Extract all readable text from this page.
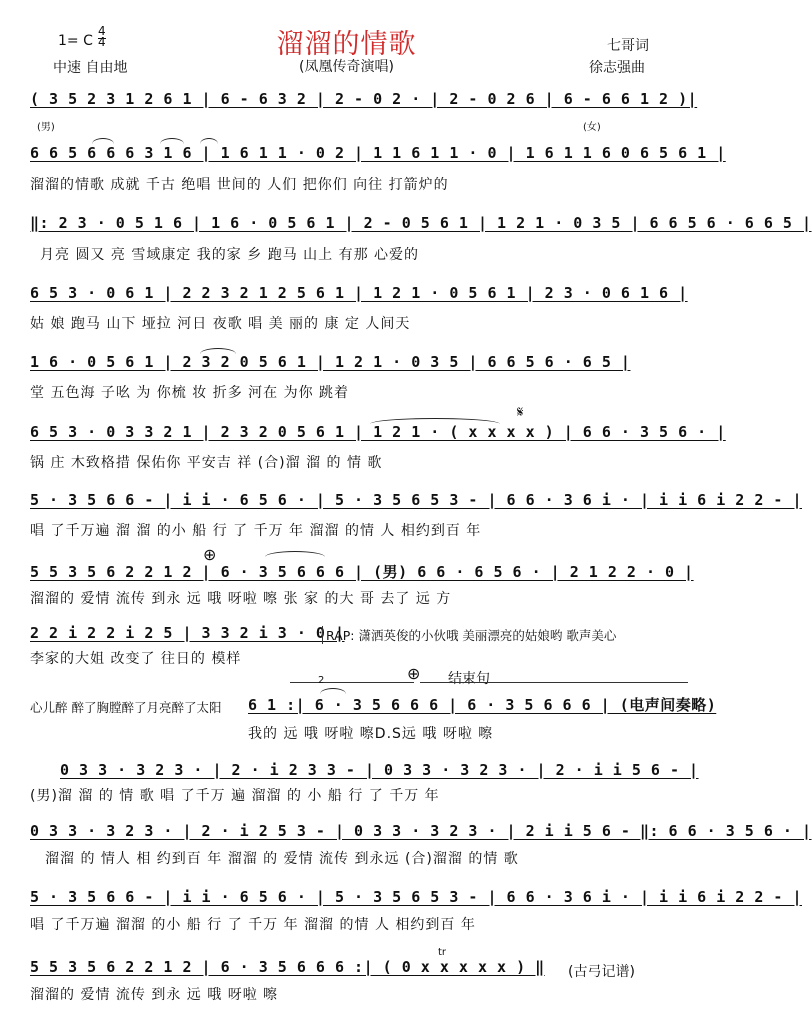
1= C
4
4	溜溜的情歌
(凤凰传奇演唱)
中速 自由地
七哥词
徐志强曲
( 3 5 2 3 1 2 6 1 | 6 - 6 3 2 | 2 - 0 2 · | 2 - 0 2 6 | 6 - 6 6 1 2 )|
(男)	(女)
6 6 5 6 6 6 3 1 6 | 1 6 1 1 · 0 2 | 1 1 6 1 1 · 0 | 1 6 1 1 6 0 6 5 6 1 |
溜溜的情歌 成就 千古 绝唱 世间的 人们 把你们 向往 打箭炉的
‖: 2 3 · 0 5 1 6 | 1 6 · 0 5 6 1 | 2 - 0 5 6 1 | 1 2 1 · 0 3 5 | 6 6 5 6 · 6 6 5 |
月亮 圆又 亮 雪域康定 我的家 乡 跑马 山上 有那 心爱的
6 5 3 · 0 6 1 | 2 2 3 2 1 2 5 6 1 | 1 2 1 · 0 5 6 1 | 2 3 · 0 6 1 6 |
姑 娘 跑马 山下 垭拉 河日 夜歌 唱 美 丽的 康 定 人间天
1 6 · 0 5 6 1 | 2 3 2 0 5 6 1 | 1 2 1 · 0 3 5 | 6 6 5 6 · 6 5 |
堂 五色海 子吆 为 你梳 妆 折多 河在 为你 跳着
𝄋
6 5 3 · 0 3 3 2 1 | 2 3 2 0 5 6 1 | 1 2 1 · ( x x x x ) | 6 6 · 3 5 6 · |
锅 庄 木致格措 保佑你 平安吉 祥 (合)溜 溜 的 情 歌
5 · 3 5 6 6 - | i i · 6 5 6 · | 5 · 3 5 6 5 3 - | 6 6 · 3 6 i · | i i 6 i 2 2 - |
唱 了千万遍 溜 溜 的小 船 行 了 千万 年 溜溜 的情 人 相约到百 年
⊕
5 5 3 5 6 2 2 1 2 | 6 · 3 5 6 6 6 | (男) 6 6 · 6 5 6 · | 2 1 2 2 · 0 |
溜溜的 爱情 流传 到永 远 哦 呀啦 嚓 张 家 的大 哥 去了 远 方
2 2 i 2 2 i 2 5 | 3 3 2 i 3 · 0 |
RAP: 潇洒英俊的小伙哦 美丽漂亮的姑娘哟 歌声美心
李家的大姐 改变了 往日的 模样
⊕ 结束句
2
心儿醉 醉了胸膛醉了月亮醉了太阳 6 1 :| 6 · 3 5 6 6 6 | 6 · 3 5 6 6 6 | (电声间奏略)
我的 远 哦 呀啦 嚓D.S远 哦 呀啦 嚓
0 3 3 · 3 2 3 · | 2 · i 2 3 3 - | 0 3 3 · 3 2 3 · | 2 · i i 5 6 - |
(男)溜 溜 的 情 歌 唱 了千万 遍 溜溜 的 小 船 行 了 千万 年
0 3 3 · 3 2 3 · | 2 · i 2 5 3 - | 0 3 3 · 3 2 3 · | 2 i i 5 6 - ‖: 6 6 · 3 5 6 · |
溜溜 的 情人 相 约到百 年 溜溜 的 爱情 流传 到永远 (合)溜溜 的情 歌
5 · 3 5 6 6 - | i i · 6 5 6 · | 5 · 3 5 6 5 3 - | 6 6 · 3 6 i · | i i 6 i 2 2 - |
唱 了千万遍 溜溜 的小 船 行 了 千万 年 溜溜 的情 人 相约到百 年
tr
5 5 3 5 6 2 2 1 2 | 6 · 3 5 6 6 6 :| ( 0 x x x x x ) ‖ (古弓记谱)
溜溜的 爱情 流传 到永 远 哦 呀啦 嚓
